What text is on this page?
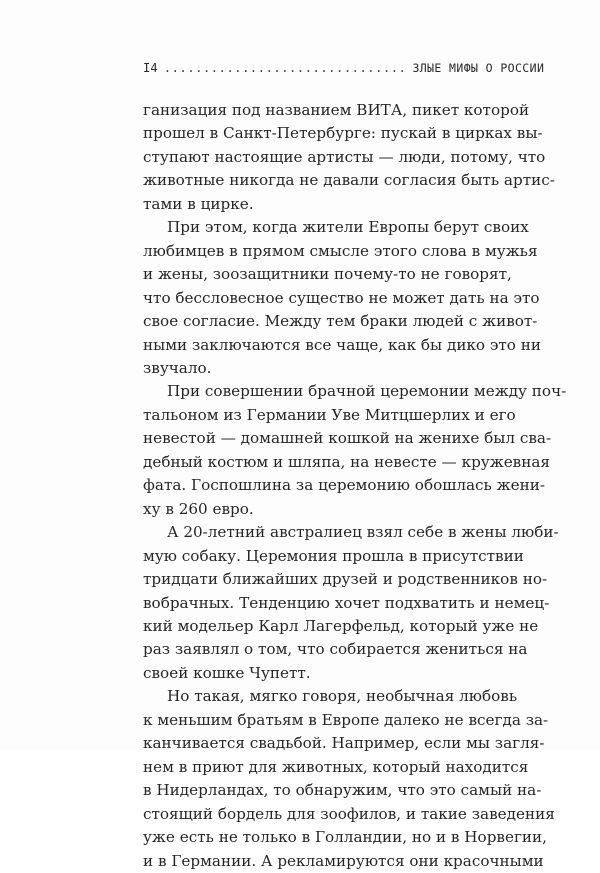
I4 ............................... ЗЛЫЕ МИФЫ О РОССИИ

ганизация под названием ВИТА, пикет которой
прошел в Санкт-Петербурге: пускай в цирках вы-
ступают настоящие артисты — люди, потому, что
животные никогда не давали согласия быть артис-
тами в цирке.

При этом, когда жители Европы берут своих
любимцев в прямом смысле этого слова в мужья
и жены, зоозащитники почему-то не говорят,
что бессловесное существо не может дать на это
свое согласие. Между тем браки людей с живот-
ными заключаются все чаще, как бы дико это ни
звучало.

При совершении брачной церемонии между поч-
тальоном из Германии Уве Митцшерлих и его
невестой — домашней кошкой на женихе был сва-
дебный костюм и шляпа, на невесте — кружевная
фата. Госпошлина за церемонию обошлась жени-
ху в 260 евро.

А 20-летний австралиец взял себе в жены люби-
мую собаку. Церемония прошла в присутствии
тридцати ближайших друзей и родственников но-
вобрачных. Тенденцию хочет подхватить и немец-
кий модельер Карл Лагерфельд, который уже не
раз заявлял о том, что собирается жениться на
своей кошке Чупетт.

Но такая, мягко говоря, необычная любовь
к меньшим братьям в Европе далеко не всегда за-
канчивается свадьбой. Например, если мы загля-
нем в приют для животных, который находится
в Нидерландах, то обнаружим, что это самый на-
стоящий бордель для зоофилов, и такие заведения
уже есть не только в Голландии, но и в Норвегии,
и в Германии. А рекламируются они красочными
